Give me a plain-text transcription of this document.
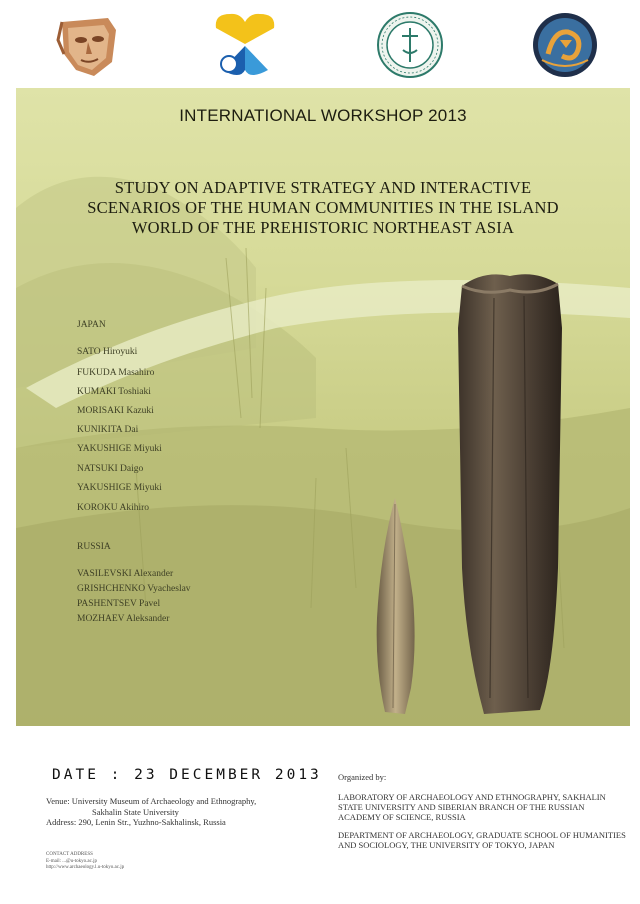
INTERNATIONAL WORKSHOP 2013
STUDY ON ADAPTIVE STRATEGY AND INTERACTIVE
SCENARIOS OF THE HUMAN COMMUNITIES IN THE ISLAND
WORLD OF THE PREHISTORIC NORTHEAST ASIA
JAPAN
SATO Hiroyuki
FUKUDA Masahiro
KUMAKI Toshiaki
MORISAKI Kazuki
KUNIKITA Dai
YAKUSHIGE Miyuki
NATSUKI Daigo
YAKUSHIGE Miyuki
KOROKU Akihiro
RUSSIA
VASILEVSKI Alexander
GRISHCHENKO Vyacheslav
PASHENTSEV Pavel
MOZHAEV Aleksander
DATE : 23 DECEMBER 2013
Venue: University Museum of Archaeology and Ethnography,
Sakhalin State University
Address: 290, Lenin Str., Yuzhno-Sakhalinsk, Russia
CONTACT ADDRESS
E-mail: ...@u-tokyo.ac.jp
http://www.archaeology.l.u-tokyo.ac.jp
Organized by:

LABORATORY OF ARCHAEOLOGY AND ETHNOGRAPHY, SAKHALIN STATE UNIVERSITY AND SIBERIAN BRANCH OF THE RUSSIAN ACADEMY OF SCIENCE, RUSSIA

DEPARTMENT OF ARCHAEOLOGY, GRADUATE SCHOOL OF HUMANITIES AND SOCIOLOGY, THE UNIVERSITY OF TOKYO, JAPAN
